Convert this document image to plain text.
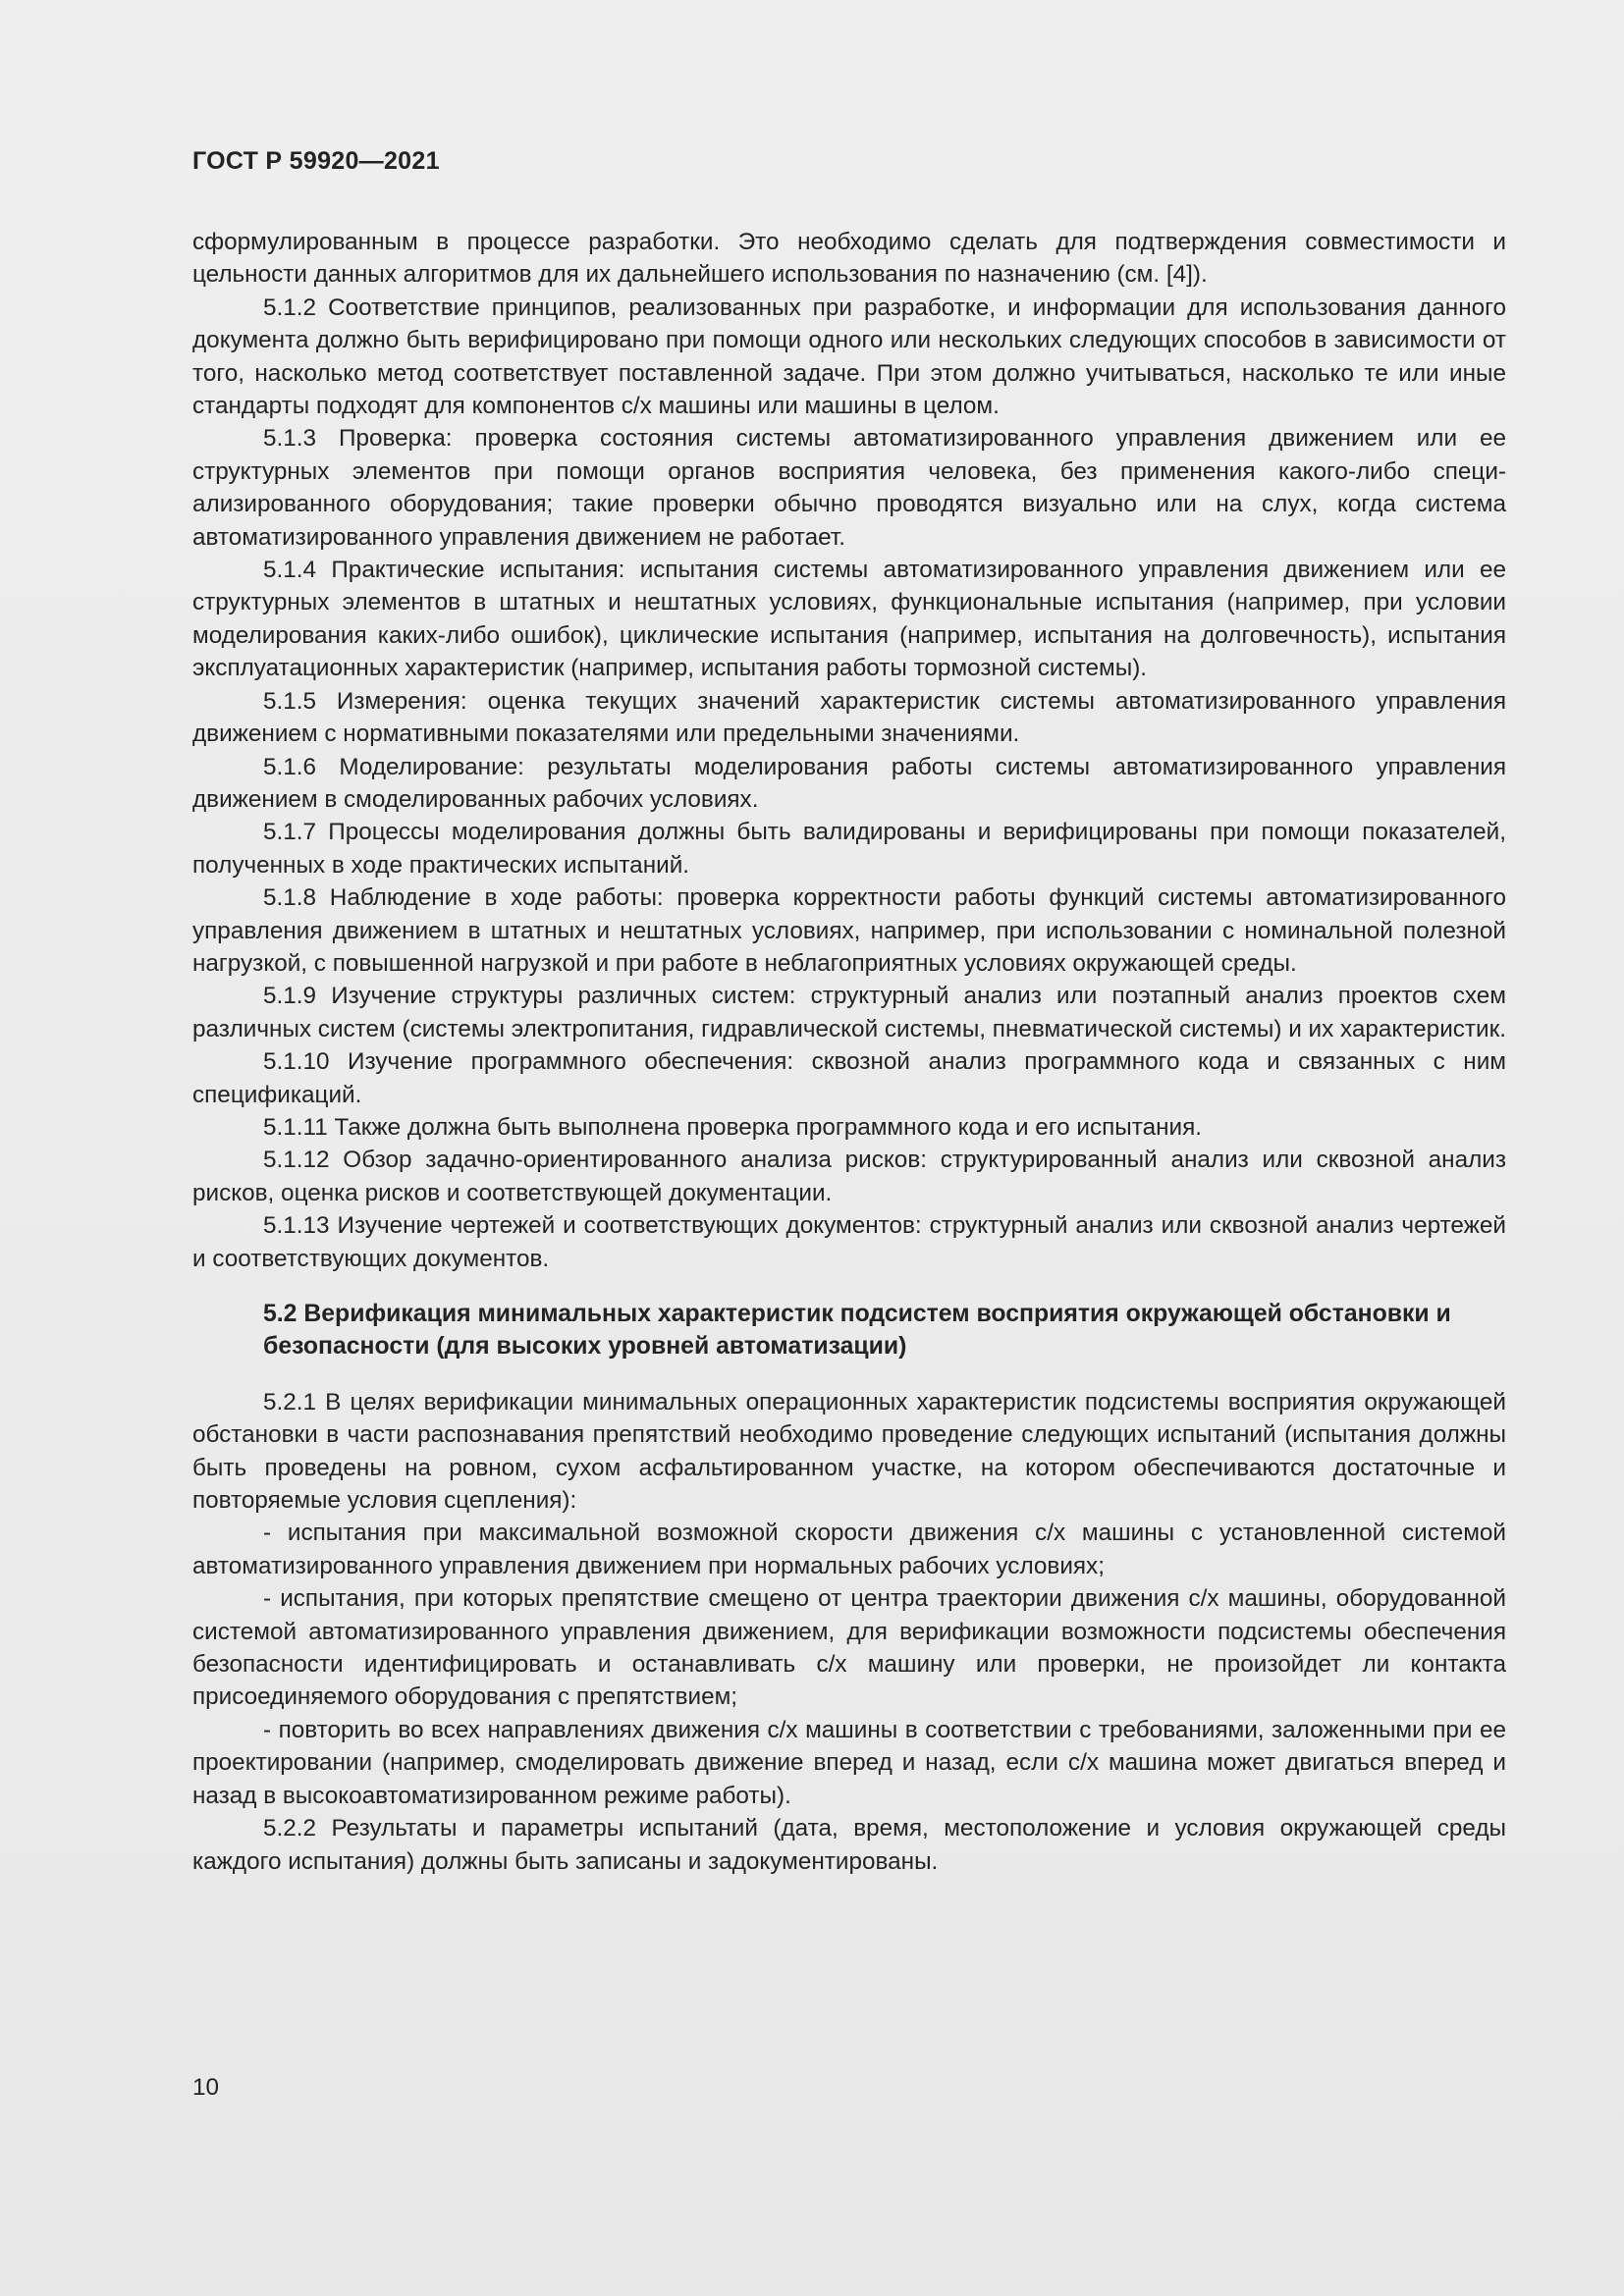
ГОСТ Р 59920—2021

сформулированным в процессе разработки. Это необходимо сделать для подтверждения совместимости и цельности данных алгоритмов для их дальнейшего использования по назначению (см. [4]).

5.1.2 Соответствие принципов, реализованных при разработке, и информации для использования данного документа должно быть верифицировано при помощи одного или нескольких следующих способов в зависимости от того, насколько метод соответствует поставленной задаче. При этом должно учитываться, насколько те или иные стандарты подходят для компонентов с/х машины или машины в целом.

5.1.3 Проверка: проверка состояния системы автоматизированного управления движением или ее структурных элементов при помощи органов восприятия человека, без применения какого-либо специализированного оборудования; такие проверки обычно проводятся визуально или на слух, когда система автоматизированного управления движением не работает.

5.1.4 Практические испытания: испытания системы автоматизированного управления движением или ее структурных элементов в штатных и нештатных условиях, функциональные испытания (например, при условии моделирования каких-либо ошибок), циклические испытания (например, испытания на долговечность), испытания эксплуатационных характеристик (например, испытания работы тормозной системы).

5.1.5 Измерения: оценка текущих значений характеристик системы автоматизированного управления движением с нормативными показателями или предельными значениями.

5.1.6 Моделирование: результаты моделирования работы системы автоматизированного управления движением в смоделированных рабочих условиях.

5.1.7 Процессы моделирования должны быть валидированы и верифицированы при помощи показателей, полученных в ходе практических испытаний.

5.1.8 Наблюдение в ходе работы: проверка корректности работы функций системы автоматизированного управления движением в штатных и нештатных условиях, например, при использовании с номинальной полезной нагрузкой, с повышенной нагрузкой и при работе в неблагоприятных условиях окружающей среды.

5.1.9 Изучение структуры различных систем: структурный анализ или поэтапный анализ проектов схем различных систем (системы электропитания, гидравлической системы, пневматической системы) и их характеристик.

5.1.10 Изучение программного обеспечения: сквозной анализ программного кода и связанных с ним спецификаций.

5.1.11 Также должна быть выполнена проверка программного кода и его испытания.

5.1.12 Обзор задачно-ориентированного анализа рисков: структурированный анализ или сквозной анализ рисков, оценка рисков и соответствующей документации.

5.1.13 Изучение чертежей и соответствующих документов: структурный анализ или сквозной анализ чертежей и соответствующих документов.

5.2 Верификация минимальных характеристик подсистем восприятия окружающей обстановки и безопасности (для высоких уровней автоматизации)

5.2.1 В целях верификации минимальных операционных характеристик подсистемы восприятия окружающей обстановки в части распознавания препятствий необходимо проведение следующих испытаний (испытания должны быть проведены на ровном, сухом асфальтированном участке, на котором обеспечиваются достаточные и повторяемые условия сцепления):

- испытания при максимальной возможной скорости движения с/х машины с установленной системой автоматизированного управления движением при нормальных рабочих условиях;

- испытания, при которых препятствие смещено от центра траектории движения с/х машины, оборудованной системой автоматизированного управления движением, для верификации возможности подсистемы обеспечения безопасности идентифицировать и останавливать с/х машину или проверки, не произойдет ли контакта присоединяемого оборудования с препятствием;

- повторить во всех направлениях движения с/х машины в соответствии с требованиями, заложенными при ее проектировании (например, смоделировать движение вперед и назад, если с/х машина может двигаться вперед и назад в высокоавтоматизированном режиме работы).

5.2.2 Результаты и параметры испытаний (дата, время, местоположение и условия окружающей среды каждого испытания) должны быть записаны и задокументированы.

10
